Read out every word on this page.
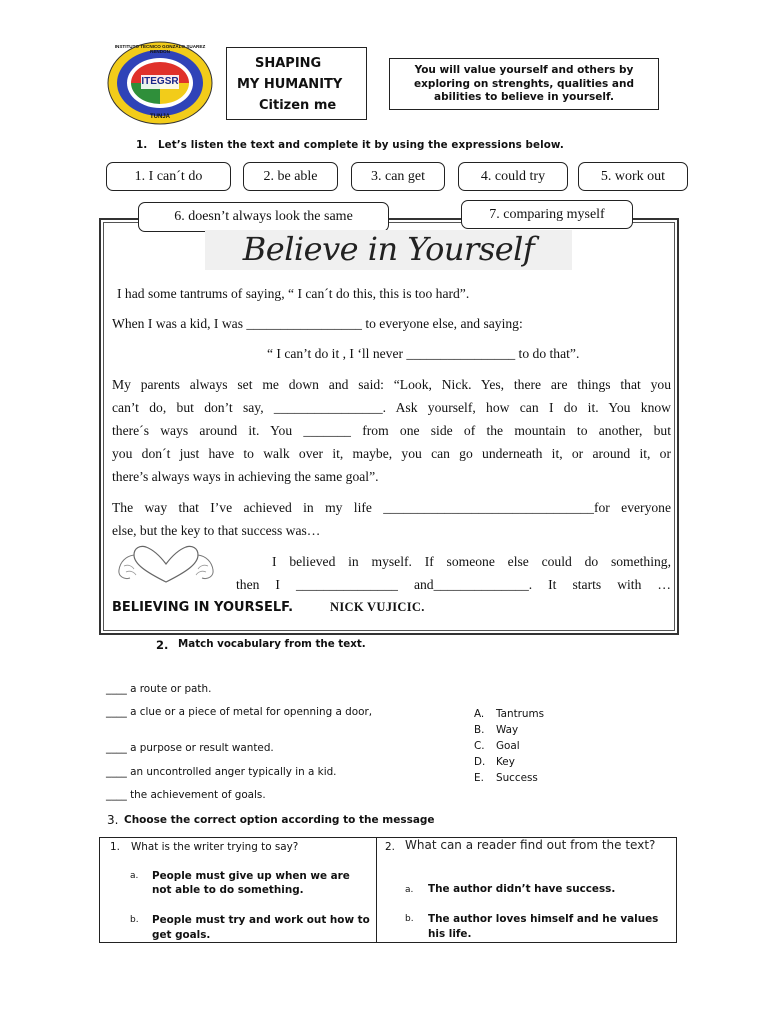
ITEGSR
INSTITUTO TECNICO GONZALO SUAREZ RENDON
TUNJA
SHAPING
MY HUMANITY
Citizen me
You will value yourself and others by exploring on strenghts, qualities and abilities to believe in yourself.
1. Let’s listen the text and complete it by using the expressions below.
1. I can´t do	2. be able	3. can get	4. could try	5. work out
6. doesn’t always look the same	7. comparing myself
Believe in Yourself
I had some tantrums of saying, “ I can´t do this, this is too hard”.
When I was a kid, I was _________________ to everyone else, and saying:
“ I can’t do it , I ‘ll never ________________ to do that”.
My parents always set me down and said: “Look, Nick. Yes, there are things that you
can’t do, but don’t say, ________________. Ask yourself, how can I do it. You know
there´s ways around it. You _______ from one side of the mountain to another, but
you don´t just have to walk over it, maybe, you can go underneath it, or around it, or
there’s always ways in achieving the same goal”.
The way that I’ve achieved in my life _______________________________for everyone
else, but the key to that success was…
I believed in myself. If someone else could do something,
then I _______________ and______________. It starts with …
BELIEVING IN YOURSELF.	NICK VUJICIC.
2. Match vocabulary from the text.
____ a route or path.
____ a clue or a piece of metal for openning a door,
____ a purpose or result wanted.
____ an uncontrolled anger typically in a kid.
____ the achievement of goals.
A. Tantrums
B. Way
C. Goal
D. Key
E. Success
3. Choose the correct option according to the message
1. What is the writer trying to say?
a. People must give up when we are not able to do something.
b. People must try and work out how to get goals.
2. What can a reader find out from the text?
a. The author didn’t have success.
b. The author loves himself and he values his life.
